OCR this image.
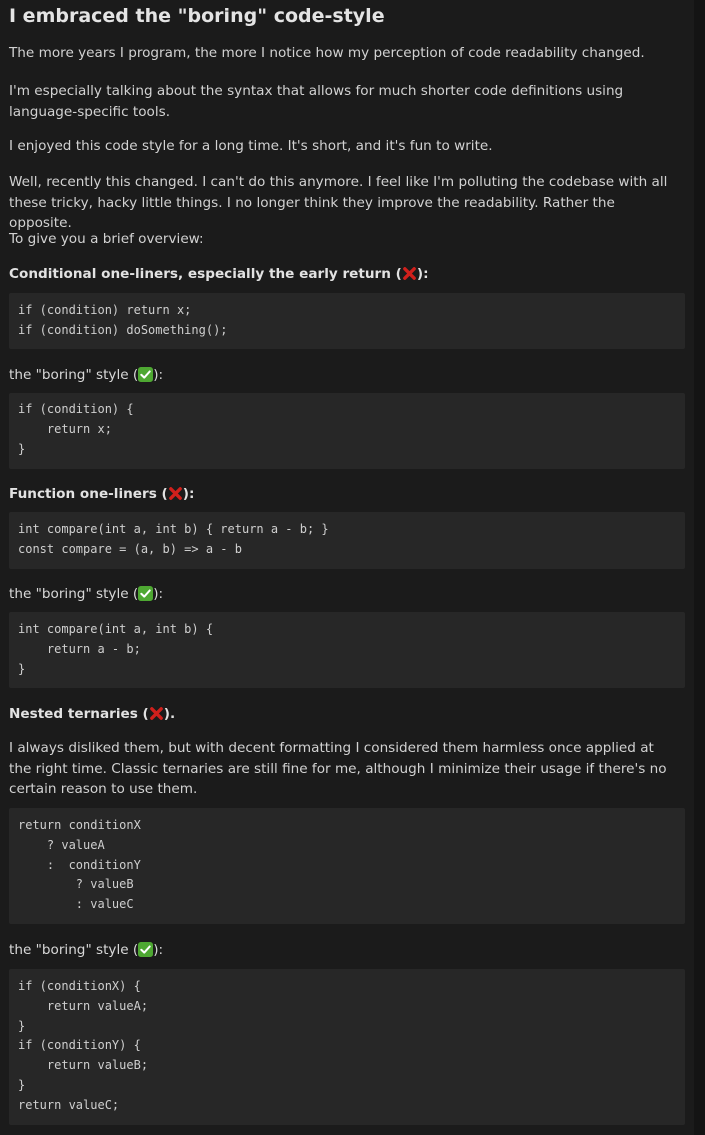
I embraced the "boring" code-style

The more years I program, the more I notice how my perception of code readability changed.

I'm especially talking about the syntax that allows for much shorter code definitions using language-specific tools.

I enjoyed this code style for a long time. It's short, and it's fun to write.

Well, recently this changed. I can't do this anymore. I feel like I'm polluting the codebase with all these tricky, hacky little things. I no longer think they improve the readability. Rather the opposite.

To give you a brief overview:

Conditional one-liners, especially the early return ( ):
if (condition) return x;
if (condition) doSomething();
the "boring" style ( ):
if (condition) {
return x;
}
Function one-liners ( ):
int compare(int a, int b) { return a - b; }
const compare = (a, b) => a - b
the "boring" style ( ):
int compare(int a, int b) {
return a - b;
}
Nested ternaries ( ).

I always disliked them, but with decent formatting I considered them harmless once applied at the right time. Classic ternaries are still fine for me, although I minimize their usage if there's no certain reason to use them.

return conditionX
? valueA
:  conditionY
? valueB
: valueC
the "boring" style ( ):
if (conditionX) {
return valueA;
}
if (conditionY) {
return valueB;
}
return valueC;
